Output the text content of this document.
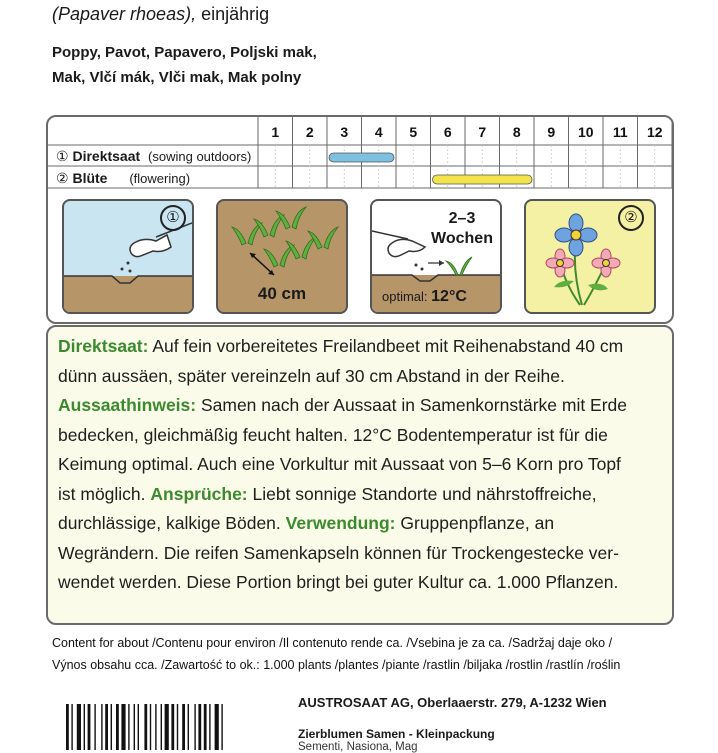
(Papaver rhoeas), einjährig
Poppy, Pavot, Papavero, Poljski mak,
Mak, Vlčí mák, Vlči mak, Mak polny
1 2 3 4 5 6 7 8 9 10 11 12
① Direktsaat (sowing outdoors)
② Blüte (flowering)
①
40 cm
2–3
Wochen
optimal: 12°C
②
Direktsaat: Auf fein vorbereitetes Freilandbeet mit Reihenabstand 40 cm
dünn aussäen, später vereinzeln auf 30 cm Abstand in der Reihe.
Aussaathinweis: Samen nach der Aussaat in Samenkornstärke mit Erde
bedecken, gleichmäßig feucht halten. 12°C Bodentemperatur ist für die
Keimung optimal. Auch eine Vorkultur mit Aussaat von 5–6 Korn pro Topf
ist möglich. Ansprüche: Liebt sonnige Standorte und nährstoffreiche,
durchlässige, kalkige Böden. Verwendung: Gruppenpflanze, an
Wegrändern. Die reifen Samenkapseln können für Trockengestecke ver-
wendet werden. Diese Portion bringt bei guter Kultur ca. 1.000 Pflanzen.
Content for about /Contenu pour environ /Il contenuto rende ca. /Vsebina je za ca. /Sadržaj daje oko /
Výnos obsahu cca. /Zawartość to ok.: 1.000 plants /plantes /piante /rastlin /biljaka /rostlin /rastlín /roślin
AUSTROSAAT AG, Oberlaaerstr. 279, A-1232 Wien
Zierblumen Samen - Kleinpackung
Sementi, Nasiona, Mag
